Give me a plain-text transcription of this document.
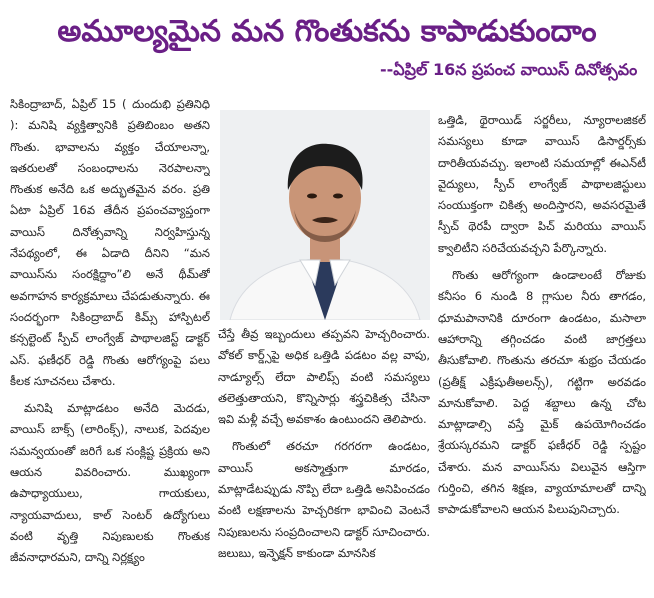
అమూల్యమైన మన గొంతుకను కాపాడుకుందాం
--ఏప్రిల్ 16న ప్రపంచ వాయిస్ దినోత్సవం

సికింద్రాబాద్, ఏప్రిల్ 15 ( దుందుభి ప్రతినిధి ): మనిషి వ్యక్తిత్వానికి ప్రతిబింబం అతని గొంతు. భావాలను వ్యక్తం చేయాలన్నా, ఇతరులతో సంబంధాలను నెరపాలన్నా గొంతుక అనేది ఒక అద్భుతమైన వరం. ప్రతి ఏటా ఏప్రిల్ 16వ తేదీన ప్రపంచవ్యాప్తంగా వాయిస్ దినోత్సవాన్ని నిర్వహిస్తున్న నేపథ్యంలో, ఈ ఏడాది దీనిని “మన వాయిస్‌ను సంరక్షిద్దాం”లి అనే థీమ్‌తో అవగాహన కార్యక్రమాలు చేపడుతున్నారు. ఈ సందర్భంగా సికింద్రాబాద్ కిమ్స్ హాస్పిటల్ కన్సల్టెంట్ స్పీచ్ లాంగ్వేజ్ పాథాలజిస్ట్ డాక్టర్ ఎస్. ఫణీధర్ రెడ్డి గొంతు ఆరోగ్యంపై పలు కీలక సూచనలు చేశారు.

మనిషి మాట్లాడటం అనేది మెదడు, వాయిస్ బాక్స్ (లారింక్స్), నాలుక, పెదవుల సమన్వయంతో జరిగే ఒక సంక్లిష్ట ప్రక్రియ అని ఆయన వివరించారు. ముఖ్యంగా ఉపాధ్యాయులు, గాయకులు, న్యాయవాదులు, కాల్ సెంటర్ ఉద్యోగులు వంటి వృత్తి నిపుణులకు గొంతుక జీవనాధారమని, దాన్ని నిర్లక్ష్యం

చేస్తే తీవ్ర ఇబ్బందులు తప్పవని హెచ్చరించారు. వోకల్ కార్డ్స్‌పై అధిక ఒత్తిడి పడటం వల్ల వాపు, నాడ్యూల్స్ లేదా పాలిప్స్ వంటి సమస్యలు తలెత్తుతాయని, కొన్నిసార్లు శస్త్రచికిత్స చేసినా ఇవి మళ్లీ వచ్చే అవకాశం ఉంటుందని తెలిపారు.

గొంతులో తరచూ గరగరగా ఉండటం, వాయిస్ అకస్మాత్తుగా మారడం, మాట్లాడేటప్పుడు నొప్పి లేదా ఒత్తిడి అనిపించడం వంటి లక్షణాలను హెచ్చరికగా భావించి వెంటనే నిపుణులను సంప్రదించాలని డాక్టర్ సూచించారు. జలుబు, ఇన్ఫెక్షన్ కాకుండా మానసిక

ఒత్తిడి, థైరాయిడ్ సర్జరీలు, న్యూరాలజికల్ సమస్యలు కూడా వాయిస్ డిసార్డర్స్‌కు దారితీయవచ్చు. ఇలాంటి సమయాల్లో ఈఎన్‌టీ వైద్యులు, స్పీచ్ లాంగ్వేజ్ పాథాలజిస్టులు సంయుక్తంగా చికిత్స అందిస్తారని, అవసరమైతే స్పీచ్ థెరపీ ద్వారా పిచ్ మరియు వాయిస్ క్వాలిటీని సరిచేయవచ్చని పేర్కొన్నారు.

గొంతు ఆరోగ్యంగా ఉండాలంటే రోజుకు కనీసం 6 నుండి 8 గ్లాసుల నీరు తాగడం, ధూమపానానికి దూరంగా ఉండటం, మసాలా ఆహారాన్ని తగ్గించడం వంటి జాగ్రత్తలు తీసుకోవాలి. గొంతును తరచూ శుభ్రం చేయడం (ప్రతీక్ష్ ఎక్రీషుతీఅలన్స్), గట్టిగా అరవడం మానుకోవాలి. పెద్ద శబ్దాలు ఉన్న చోట మాట్లాడాల్సి వస్తే మైక్ ఉపయోగించడం శ్రేయస్కరమని డాక్టర్ ఫణీధర్ రెడ్డి స్పష్టం చేశారు. మన వాయిస్‌ను విలువైన ఆస్తిగా గుర్తించి, తగిన శిక్షణ, వ్యాయామాలతో దాన్ని కాపాడుకోవాలని ఆయన పిలుపునిచ్చారు.
